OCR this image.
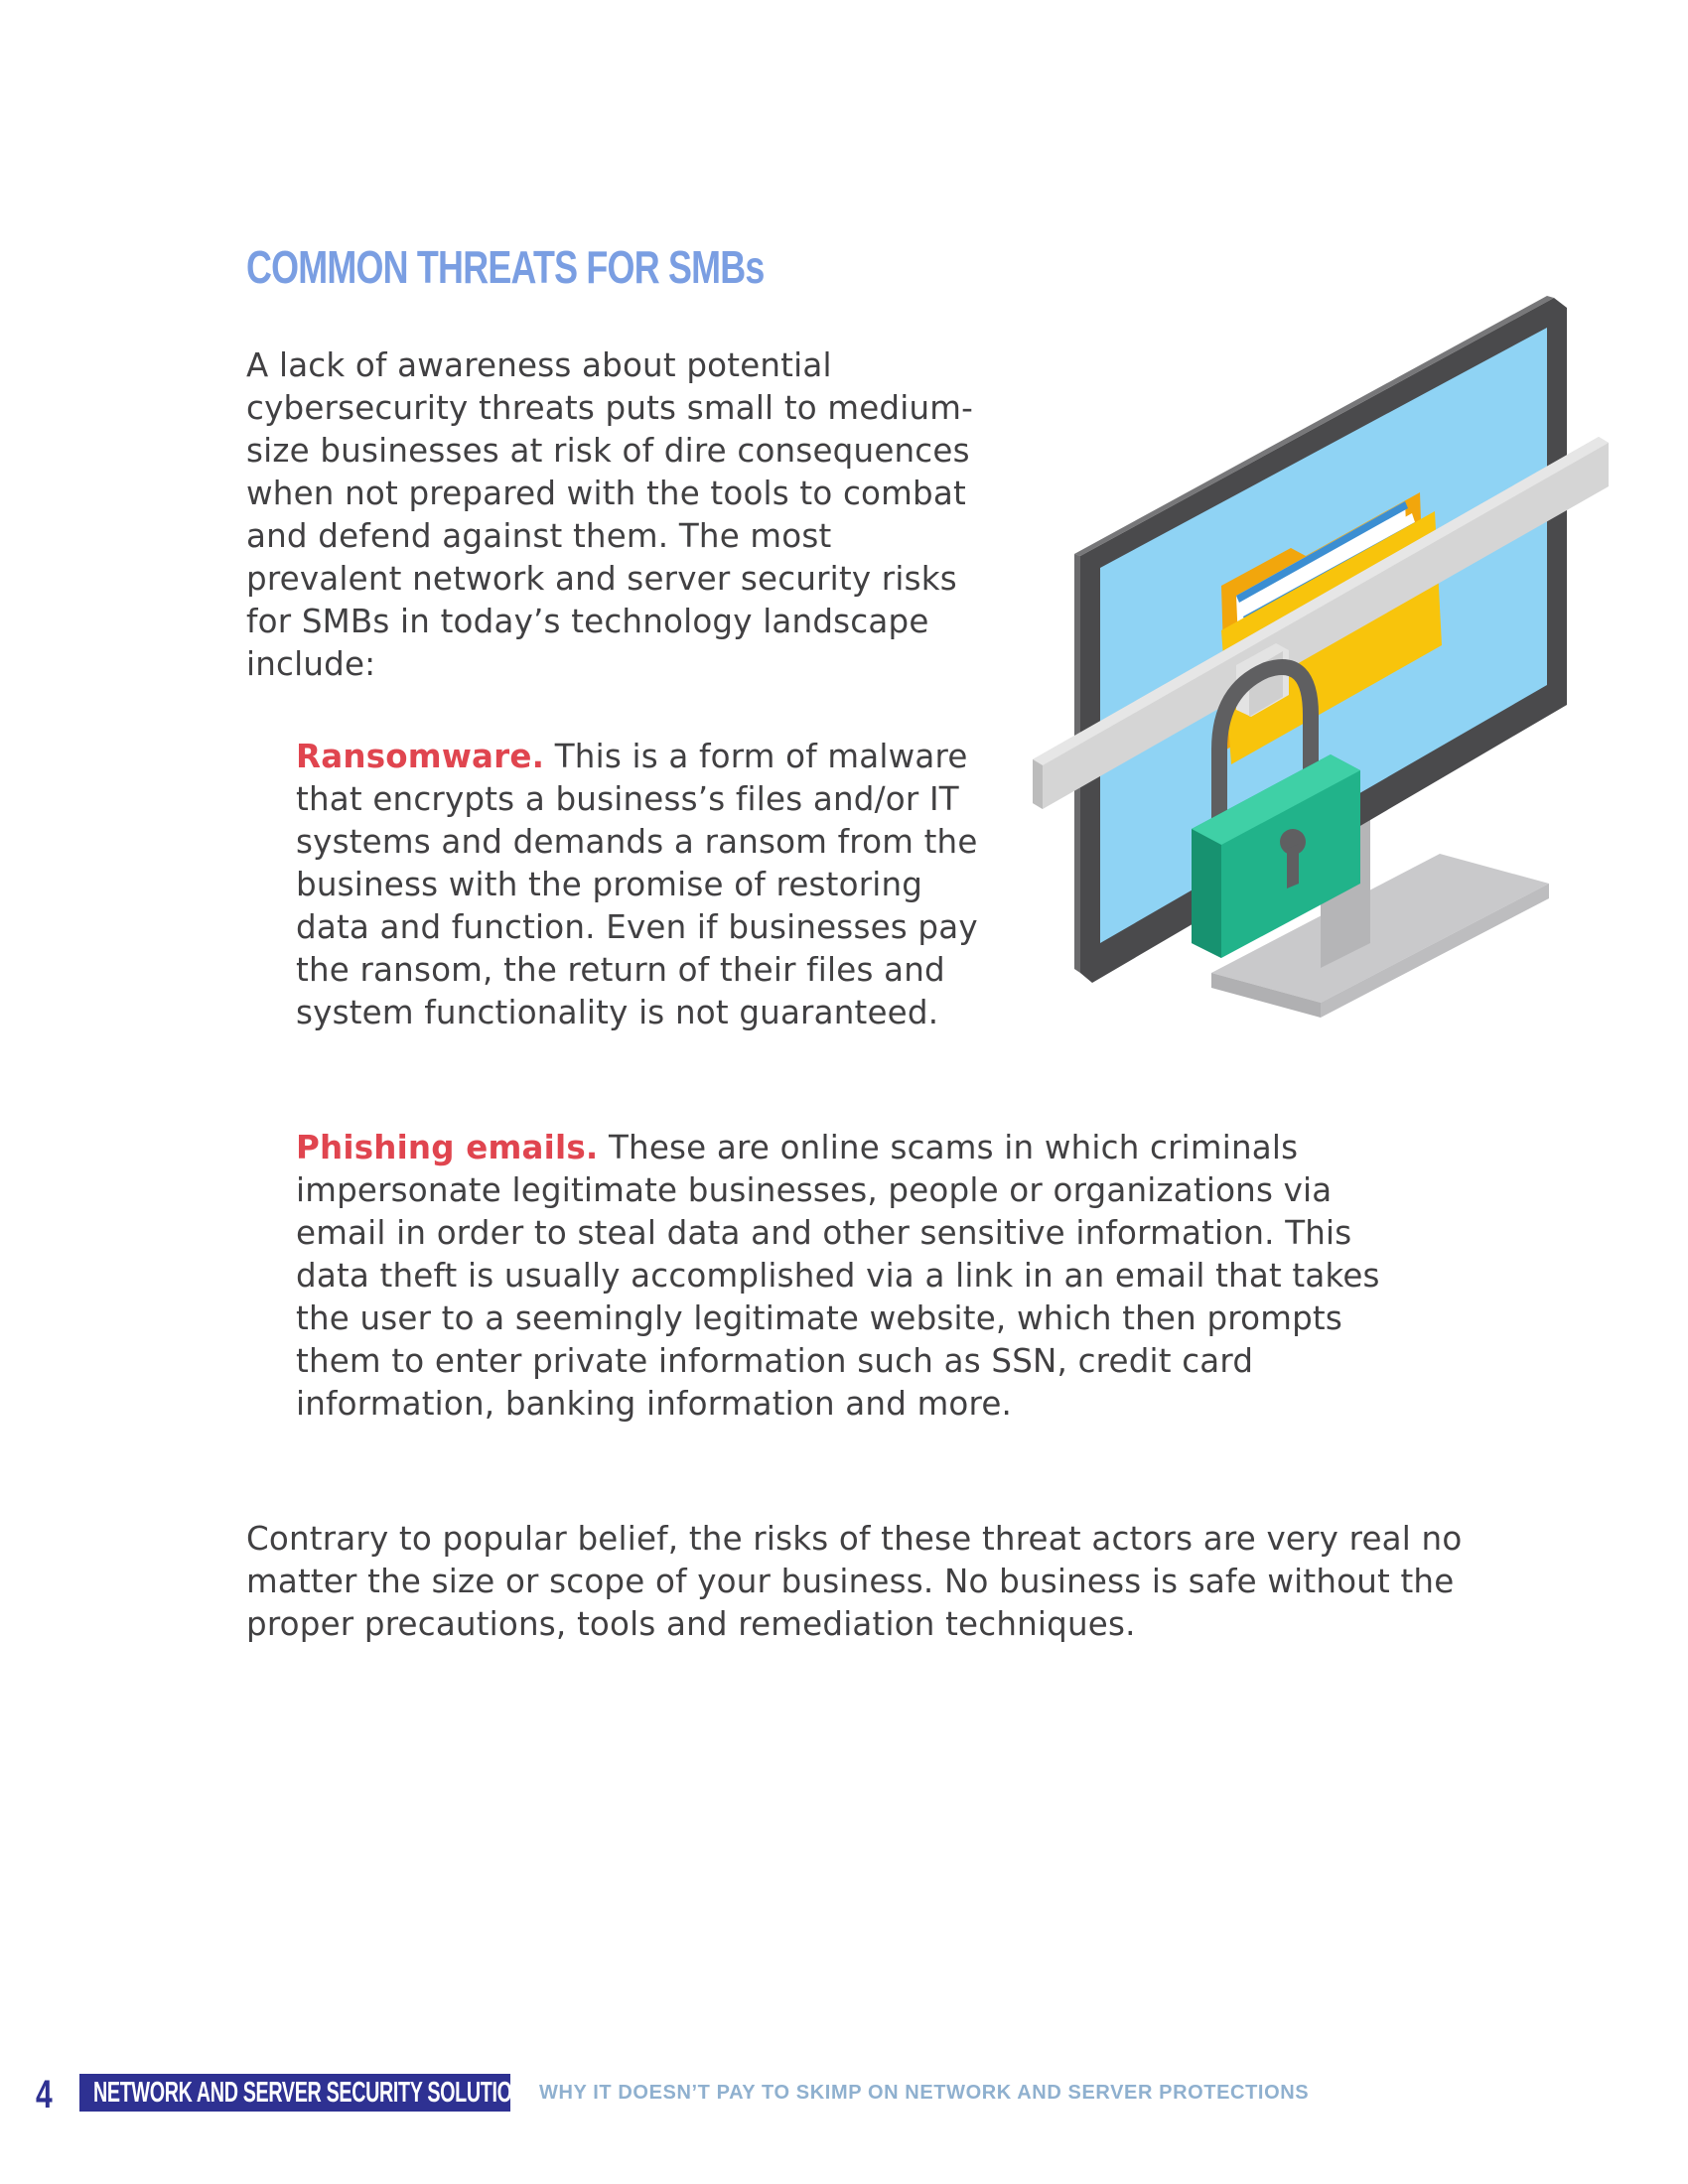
COMMON THREATS FOR SMBs

A lack of awareness about potential cybersecurity threats puts small to medium-size businesses at risk of dire consequences when not prepared with the tools to combat and defend against them. The most prevalent network and server security risks for SMBs in today’s technology landscape include:

Ransomware. This is a form of malware that encrypts a business’s files and/or IT systems and demands a ransom from the business with the promise of restoring data and function. Even if businesses pay the ransom, the return of their files and system functionality is not guaranteed.

Phishing emails. These are online scams in which criminals impersonate legitimate businesses, people or organizations via email in order to steal data and other sensitive information. This data theft is usually accomplished via a link in an email that takes the user to a seemingly legitimate website, which then prompts them to enter private information such as SSN, credit card information, banking information and more.

Contrary to popular belief, the risks of these threat actors are very real no matter the size or scope of your business. No business is safe without the proper precautions, tools and remediation techniques.

4 NETWORK AND SERVER SECURITY SOLUTIONS WHY IT DOESN’T PAY TO SKIMP ON NETWORK AND SERVER PROTECTIONS
